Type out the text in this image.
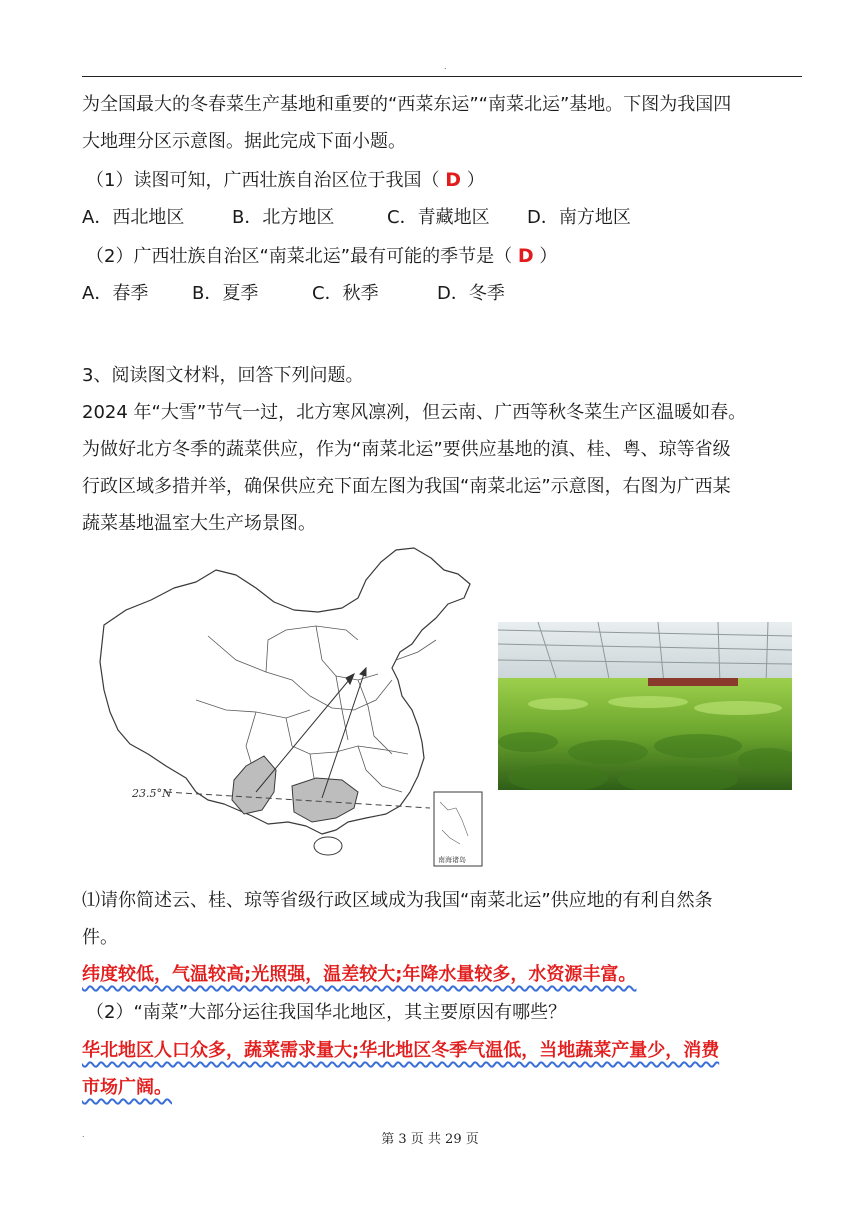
.
为全国最大的冬春菜生产基地和重要的“西菜东运”“南菜北运”基地。下图为我国四
大地理分区示意图。据此完成下面小题。
（1）读图可知，广西壮族自治区位于我国（ D ）
A．西北地区	B．北方地区	C．青藏地区 D．南方地区
（2）广西壮族自治区“南菜北运”最有可能的季节是（ D ）
A．春季 B．夏季	C．秋季	D．冬季
3、阅读图文材料，回答下列问题。
2024 年“大雪”节气一过，北方寒风凛冽，但云南、广西等秋冬菜生产区温暖如春。
为做好北方冬季的蔬菜供应，作为“南菜北运”要供应基地的滇、桂、粤、琼等省级
行政区域多措并举，确保供应充下面左图为我国“南菜北运”示意图，右图为广西某
蔬菜基地温室大生产场景图。
23.5°N
南海诸岛
⑴请你简述云、桂、琼等省级行政区域成为我国“南菜北运”供应地的有利自然条
件。
纬度较低，气温较高;光照强，温差较大;年降水量较多，水资源丰富。
（2）“南菜”大部分运往我国华北地区，其主要原因有哪些？
华北地区人口众多，蔬菜需求量大;华北地区冬季气温低，当地蔬菜产量少，消费
市场广阔。
.	第 3 页 共 29 页
